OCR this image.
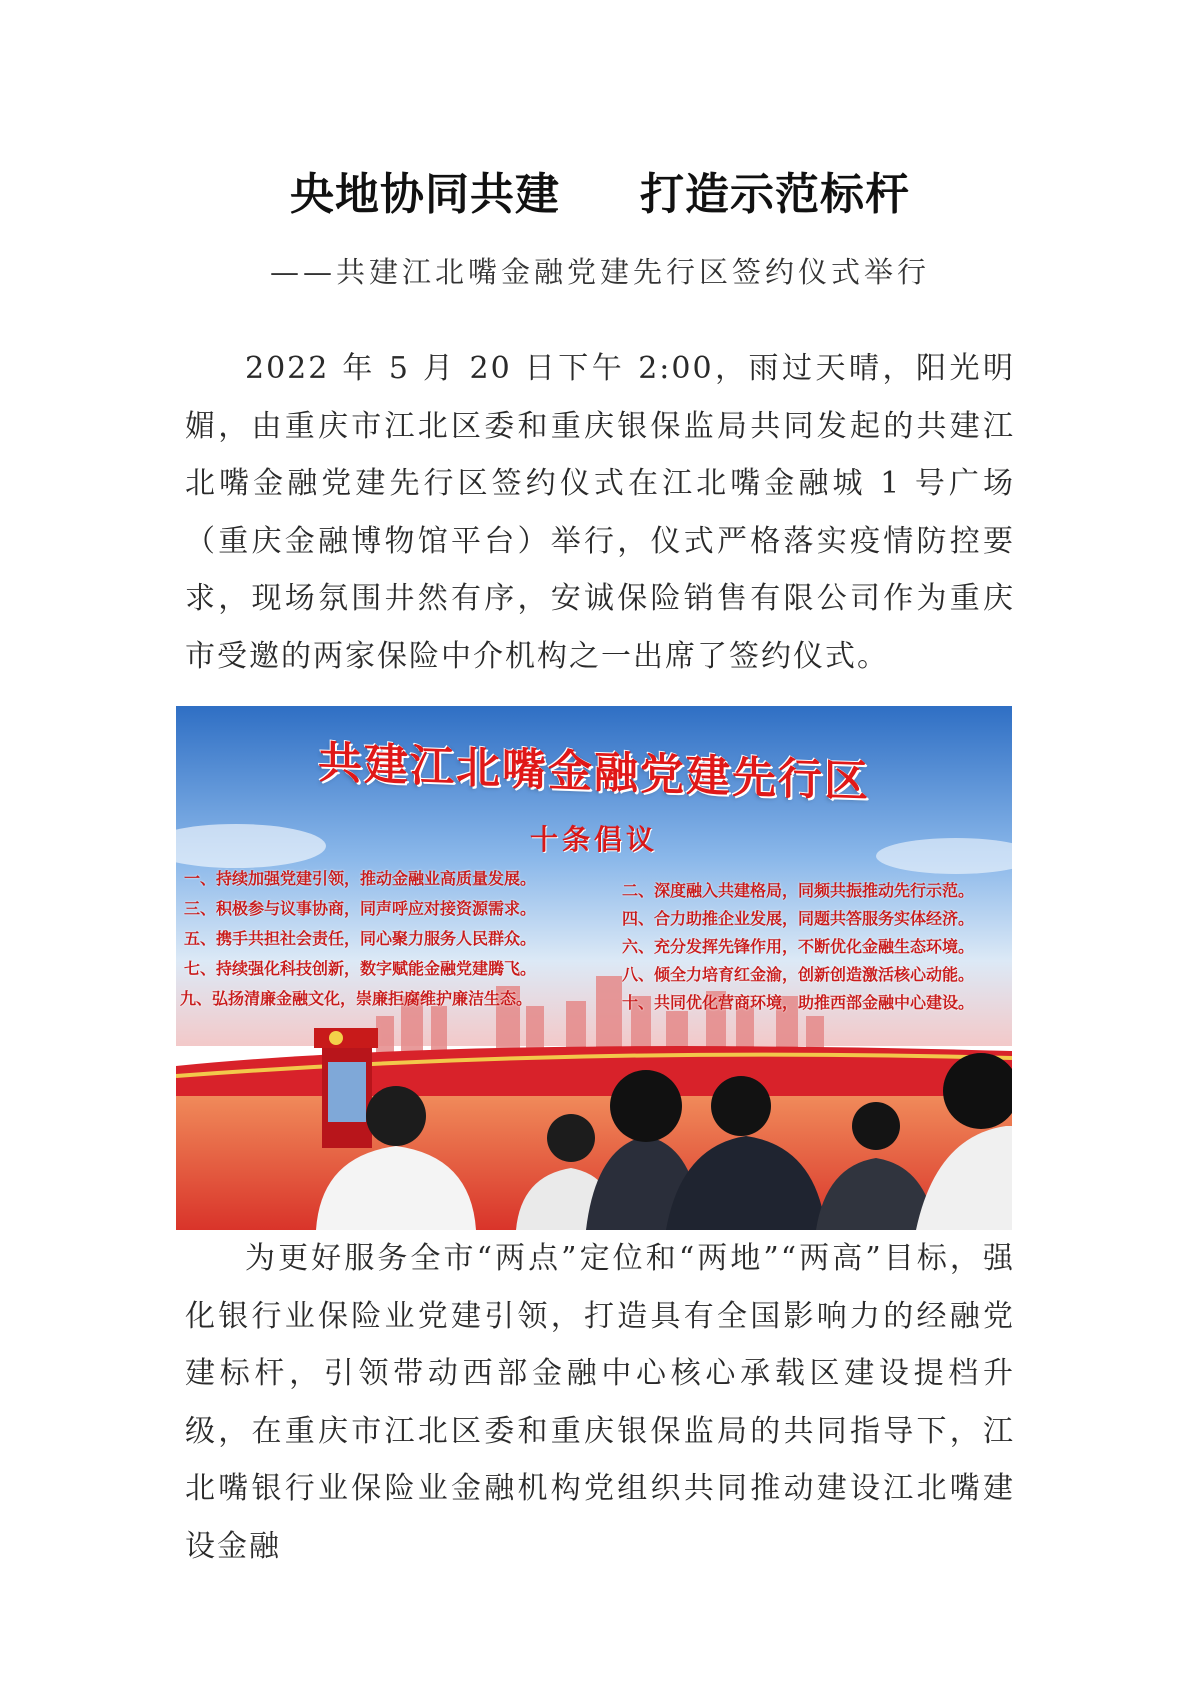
央地协同共建 打造示范标杆
——共建江北嘴金融党建先行区签约仪式举行
2022 年 5 月 20 日下午 2:00，雨过天晴，阳光明媚，由重庆市江北区委和重庆银保监局共同发起的共建江北嘴金融党建先行区签约仪式在江北嘴金融城 1 号广场（重庆金融博物馆平台）举行，仪式严格落实疫情防控要求，现场氛围井然有序，安诚保险销售有限公司作为重庆市受邀的两家保险中介机构之一出席了签约仪式。
共建江北嘴金融党建先行区
十条倡议
一、持续加强党建引领，推动金融业高质量发展。
二、深度融入共建格局，同频共振推动先行示范。
三、积极参与议事协商，同声呼应对接资源需求。
四、合力助推企业发展，同题共答服务实体经济。
五、携手共担社会责任，同心聚力服务人民群众。	六、充分发挥先锋作用，不断优化金融生态环境。
七、持续强化科技创新，数字赋能金融党建腾飞。	八、倾全力培育红金渝，创新创造激活核心动能。
九、弘扬清廉金融文化，崇廉拒腐维护廉洁生态。	十、共同优化营商环境，助推西部金融中心建设。
为更好服务全市“两点”定位和“两地”“两高”目标，强化银行业保险业党建引领，打造具有全国影响力的经融党建标杆，引领带动西部金融中心核心承载区建设提档升级，在重庆市江北区委和重庆银保监局的共同指导下，江北嘴银行业保险业金融机构党组织共同推动建设江北嘴建设金融
